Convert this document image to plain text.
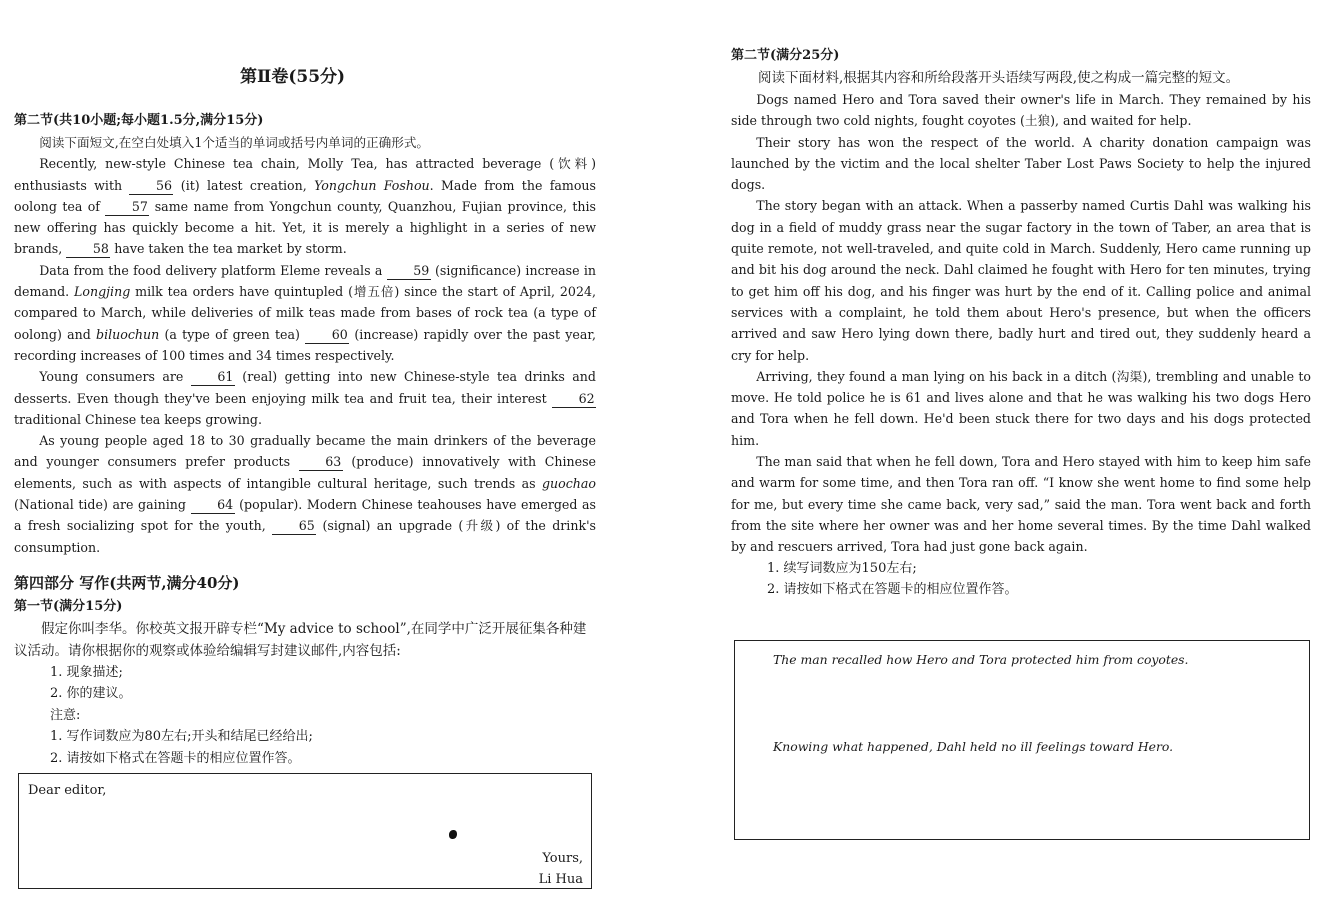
第Ⅱ卷(55分)

第二节(共10小题;每小题1.5分,满分15分)

阅读下面短文,在空白处填入1个适当的单词或括号内单词的正确形式。

Recently, new-style Chinese tea chain, Molly Tea, has attracted beverage (饮料) enthusiasts with 56 (it) latest creation, Yongchun Foshou. Made from the famous oolong tea of 57 same name from Yongchun county, Quanzhou, Fujian province, this new offering has quickly become a hit. Yet, it is merely a highlight in a series of new brands, 58 have taken the tea market by storm.

Data from the food delivery platform Eleme reveals a 59 (significance) increase in demand. Longjing milk tea orders have quintupled (增五倍) since the start of April, 2024, compared to March, while deliveries of milk teas made from bases of rock tea (a type of oolong) and biluochun (a type of green tea) 60 (increase) rapidly over the past year, recording increases of 100 times and 34 times respectively.

Young consumers are 61 (real) getting into new Chinese-style tea drinks and desserts. Even though they've been enjoying milk tea and fruit tea, their interest 62 traditional Chinese tea keeps growing.

As young people aged 18 to 30 gradually became the main drinkers of the beverage and younger consumers prefer products 63 (produce) innovatively with Chinese elements, such as with aspects of intangible cultural heritage, such trends as guochao (National tide) are gaining 64 (popular). Modern Chinese teahouses have emerged as a fresh socializing spot for the youth, 65 (signal) an upgrade (升级) of the drink's consumption.

第四部分 写作(共两节,满分40分)

第一节(满分15分)

假定你叫李华。你校英文报开辟专栏“My advice to school”,在同学中广泛开展征集各种建议活动。请你根据你的观察或体验给编辑写封建议邮件,内容包括:

1. 现象描述;

2. 你的建议。

注意:

1. 写作词数应为80左右;开头和结尾已经给出;

2. 请按如下格式在答题卡的相应位置作答。

Dear editor,
Yours,
Li Hua

第二节(满分25分)

阅读下面材料,根据其内容和所给段落开头语续写两段,使之构成一篇完整的短文。

Dogs named Hero and Tora saved their owner's life in March. They remained by his side through two cold nights, fought coyotes (土狼), and waited for help.

Their story has won the respect of the world. A charity donation campaign was launched by the victim and the local shelter Taber Lost Paws Society to help the injured dogs.

The story began with an attack. When a passerby named Curtis Dahl was walking his dog in a field of muddy grass near the sugar factory in the town of Taber, an area that is quite remote, not well-traveled, and quite cold in March. Suddenly, Hero came running up and bit his dog around the neck. Dahl claimed he fought with Hero for ten minutes, trying to get him off his dog, and his finger was hurt by the end of it. Calling police and animal services with a complaint, he told them about Hero's presence, but when the officers arrived and saw Hero lying down there, badly hurt and tired out, they suddenly heard a cry for help.

Arriving, they found a man lying on his back in a ditch (沟渠), trembling and unable to move. He told police he is 61 and lives alone and that he was walking his two dogs Hero and Tora when he fell down. He'd been stuck there for two days and his dogs protected him.

The man said that when he fell down, Tora and Hero stayed with him to keep him safe and warm for some time, and then Tora ran off. “I know she went home to find some help for me, but every time she came back, very sad,” said the man. Tora went back and forth from the site where her owner was and her home several times. By the time Dahl walked by and rescuers arrived, Tora had just gone back again.

1. 续写词数应为150左右;

2. 请按如下格式在答题卡的相应位置作答。

The man recalled how Hero and Tora protected him from coyotes.
Knowing what happened, Dahl held no ill feelings toward Hero.
